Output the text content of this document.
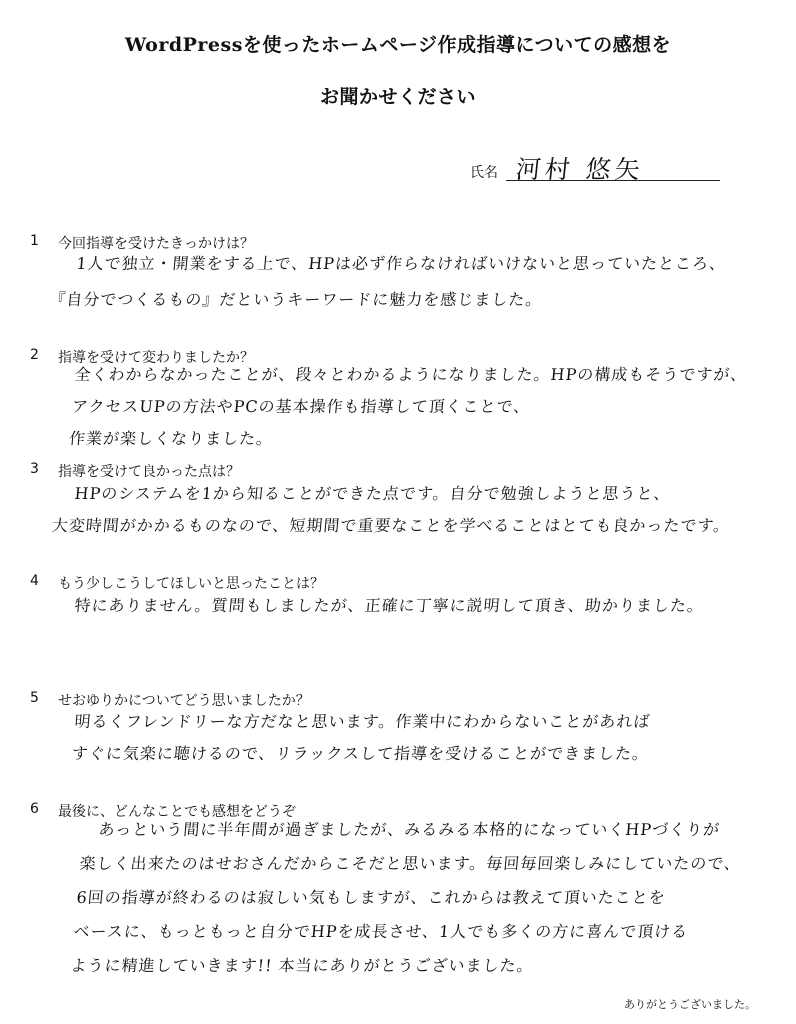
WordPressを使ったホームページ作成指導についての感想を
お聞かせください
氏名 河村 悠矢
1 今回指導を受けたきっかけは？
1人で独立・開業をする上で、HPは必ず作らなければいけないと思っていたところ、
『自分でつくるもの』だというキーワードに魅力を感じました。
2 指導を受けて変わりましたか？
全くわからなかったことが、段々とわかるようになりました。HPの構成もそうですが、
アクセスUPの方法やPCの基本操作も指導して頂くことで、
作業が楽しくなりました。
3 指導を受けて良かった点は？
HPのシステムを1から知ることができた点です。自分で勉強しようと思うと、
大変時間がかかるものなので、短期間で重要なことを学べることはとても良かったです。
4 もう少しこうしてほしいと思ったことは？
特にありません。質問もしましたが、正確に丁寧に説明して頂き、助かりました。
5 せおゆりかについてどう思いましたか？
明るくフレンドリーな方だなと思います。作業中にわからないことがあれば
すぐに気楽に聴けるので、リラックスして指導を受けることができました。
6 最後に、どんなことでも感想をどうぞ
あっという間に半年間が過ぎましたが、みるみる本格的になっていくHPづくりが
楽しく出来たのはせおさんだからこそだと思います。毎回毎回楽しみにしていたので、
6回の指導が終わるのは寂しい気もしますが、これからは教えて頂いたことを
ベースに、もっともっと自分でHPを成長させ、1人でも多くの方に喜んで頂ける
ように精進していきます!! 本当にありがとうございました。
ありがとうございました。
